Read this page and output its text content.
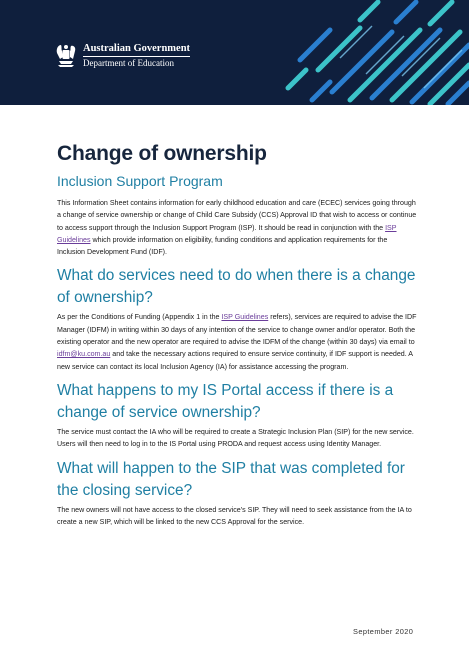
Australian Government
Department of Education
Change of ownership
Inclusion Support Program

This Information Sheet contains information for early childhood education and care (ECEC) services going through a change of service ownership or change of Child Care Subsidy (CCS) Approval ID that wish to access or continue to access support through the Inclusion Support Program (ISP). It should be read in conjunction with the ISP Guidelines which provide information on eligibility, funding conditions and application requirements for the Inclusion Development Fund (IDF).

What do services need to do when there is a change of ownership?

As per the Conditions of Funding (Appendix 1 in the ISP Guidelines refers), services are required to advise the IDF Manager (IDFM) in writing within 30 days of any intention of the service to change owner and/or operator. Both the existing operator and the new operator are required to advise the IDFM of the change (within 30 days) via email to idfm@ku.com.au and take the necessary actions required to ensure service continuity, if IDF support is needed. A new service can contact its local Inclusion Agency (IA) for assistance accessing the program.

What happens to my IS Portal access if there is a change of service ownership?

The service must contact the IA who will be required to create a Strategic Inclusion Plan (SIP) for the new service. Users will then need to log in to the IS Portal using PRODA and request access using Identity Manager.

What will happen to the SIP that was completed for the closing service?

The new owners will not have access to the closed service's SIP. They will need to seek assistance from the IA to create a new SIP, which will be linked to the new CCS Approval for the service.

September 2020
